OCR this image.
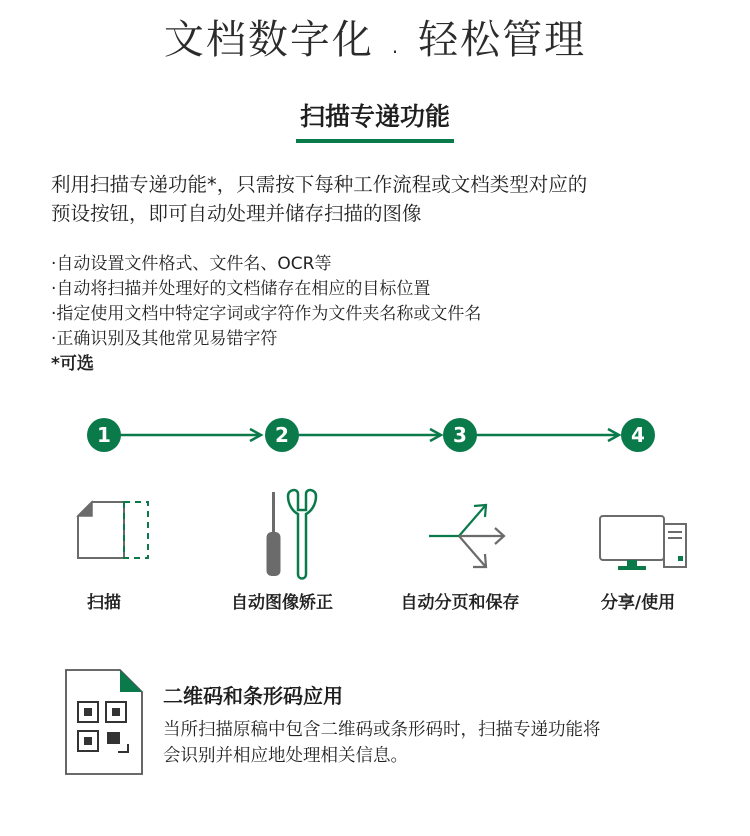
文档数字化 . 轻松管理
扫描专递功能
利用扫描专递功能*，只需按下每种工作流程或文档类型对应的
预设按钮，即可自动处理并储存扫描的图像
·自动设置文件格式、文件名、OCR等
·自动将扫描并处理好的文档储存在相应的目标位置
·指定使用文档中特定字词或字符作为文件夹名称或文件名
·正确识别及其他常见易错字符
*可选
1	2	3	4
扫描	自动图像矫正	自动分页和保存	分享/使用
二维码和条形码应用
当所扫描原稿中包含二维码或条形码时，扫描专递功能将
会识别并相应地处理相关信息。
